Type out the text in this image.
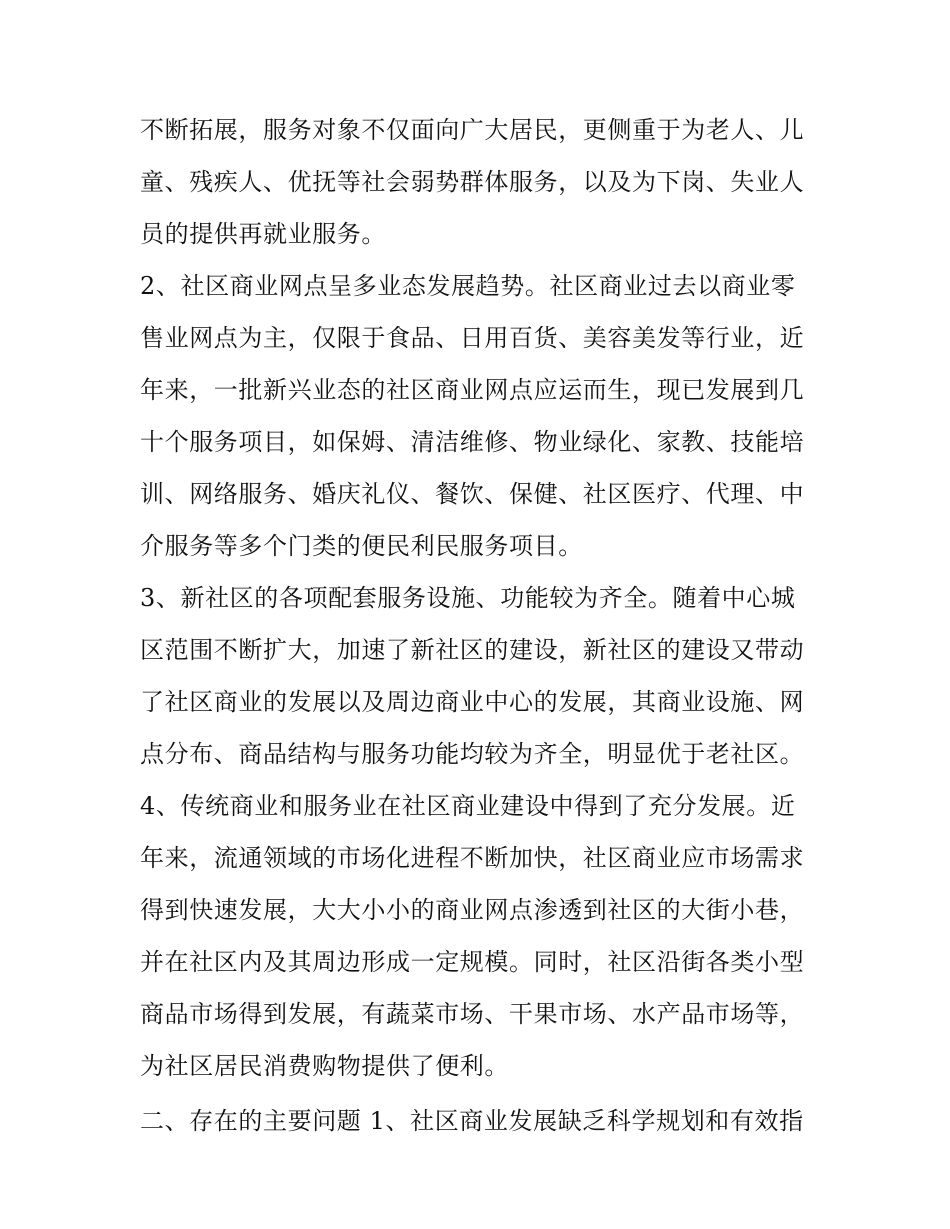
不断拓展，服务对象不仅面向广大居民，更侧重于为老人、儿
童、残疾人、优抚等社会弱势群体服务，以及为下岗、失业人
员的提供再就业服务。
2、社区商业网点呈多业态发展趋势。社区商业过去以商业零
售业网点为主，仅限于食品、日用百货、美容美发等行业，近
年来，一批新兴业态的社区商业网点应运而生，现已发展到几
十个服务项目，如保姆、清洁维修、物业绿化、家教、技能培
训、网络服务、婚庆礼仪、餐饮、保健、社区医疗、代理、中
介服务等多个门类的便民利民服务项目。
3、新社区的各项配套服务设施、功能较为齐全。随着中心城
区范围不断扩大，加速了新社区的建设，新社区的建设又带动
了社区商业的发展以及周边商业中心的发展，其商业设施、网
点分布、商品结构与服务功能均较为齐全，明显优于老社区。
4、传统商业和服务业在社区商业建设中得到了充分发展。近
年来，流通领域的市场化进程不断加快，社区商业应市场需求
得到快速发展，大大小小的商业网点渗透到社区的大街小巷，
并在社区内及其周边形成一定规模。同时，社区沿街各类小型
商品市场得到发展，有蔬菜市场、干果市场、水产品市场等，
为社区居民消费购物提供了便利。
二、存在的主要问题 1、社区商业发展缺乏科学规划和有效指
